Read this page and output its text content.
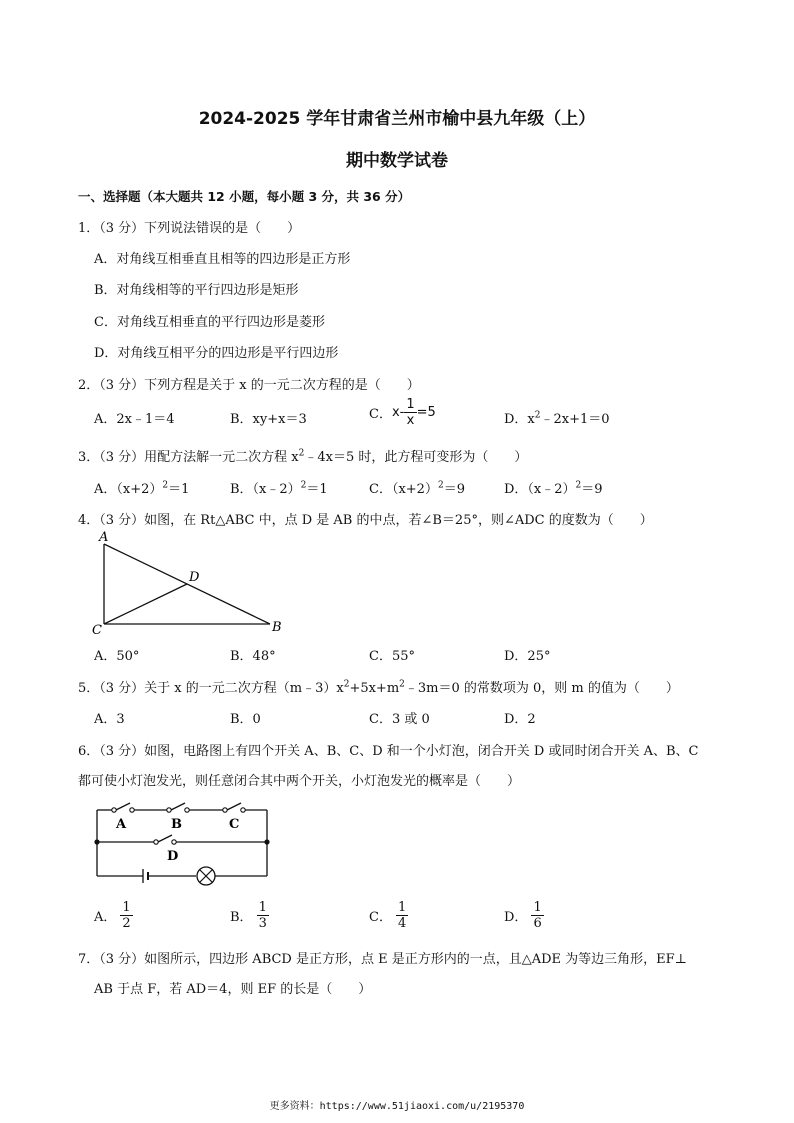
2024-2025 学年甘肃省兰州市榆中县九年级（上）
期中数学试卷
一、选择题（本大题共 12 小题，每小题 3 分，共 36 分）
1．（3 分）下列说法错误的是（　　）
A．对角线互相垂直且相等的四边形是正方形
B．对角线相等的平行四边形是矩形
C．对角线互相垂直的平行四边形是菱形
D．对角线互相平分的四边形是平行四边形
2．（3 分）下列方程是关于 x 的一元二次方程的是（　　）
A．2x﹣1＝4	B．xy+x＝3	C． $x- \frac{1}{x} =5$	D．$x^2﹣2x+1=0$
3．（3 分）用配方法解一元二次方程 $x^2﹣4x=5$ 时，此方程可变形为（　　）
A．$(x+2)^2=1$	B．（x﹣2）$^2$＝1	C．$(x+2)^2=9$	D．（x﹣2）$^2$＝9
4．（3 分）如图，在 Rt△ABC 中，点 D 是 AB 的中点，若∠B＝25°，则∠ADC 的度数为（　　）
A
D
C	B
A．50°	B．48°	C．55°	D．25°
5．（3 分）关于 x 的一元二次方程$(m﹣3)x^2+5x+m^2﹣3m=0$ 的常数项为 0，则 m 的值为（　　）
A．3	B．0	C．3 或 0	D．2
6．（3 分）如图，电路图上有四个开关 A、B、C、D 和一个小灯泡，闭合开关 D 或同时闭合开关 A、B、C
都可使小灯泡发光，则任意闭合其中两个开关，小灯泡发光的概率是（　　）
A	B	C
D
A． $\frac{1}{2}$	B． $\frac{1}{3}$	C． $\frac{1}{4}$	D． $\frac{1}{6}$
7．（3 分）如图所示，四边形 ABCD 是正方形，点 E 是正方形内的一点，且△ADE 为等边三角形，EF⊥
AB 于点 F，若 AD＝4，则 EF 的长是（　　）
更多资料：https://www.51jiaoxi.com/u/2195370
